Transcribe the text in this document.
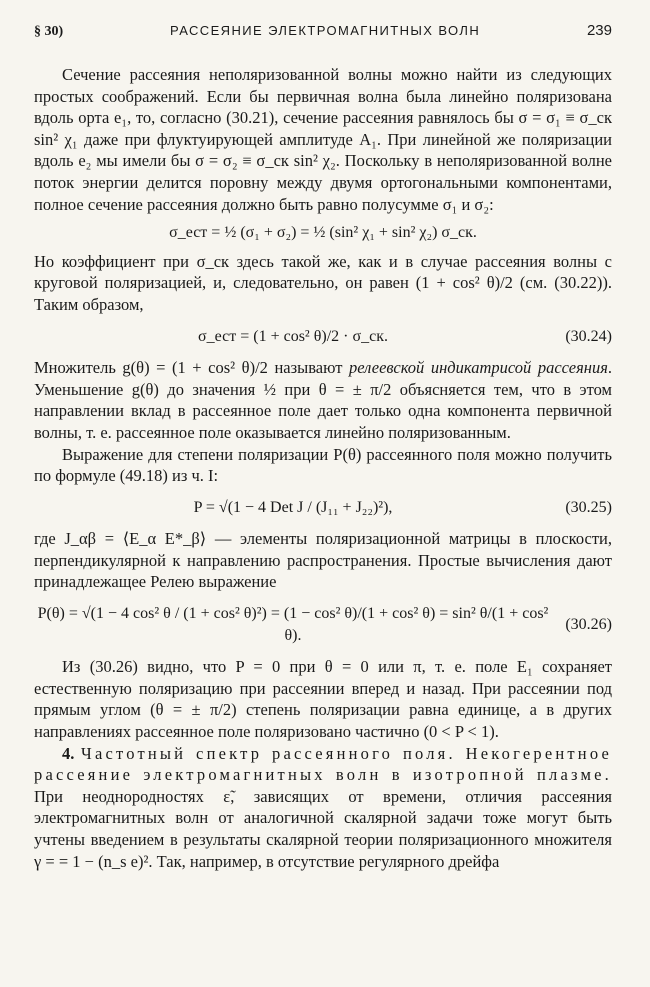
§ 30)	РАССЕЯНИЕ ЭЛЕКТРОМАГНИТНЫХ ВОЛН	239

Сечение рассеяния неполяризованной волны можно найти из следующих простых соображений. Если бы первичная волна была линейно поляризована вдоль орта e₁, то, согласно (30.21), сечение рассеяния равнялось бы σ = σ₁ ≡ σ_ск sin² χ₁ даже при флуктуирующей амплитуде A₁. При линейной же поляризации вдоль e₂ мы имели бы σ = σ₂ ≡ σ_ск sin² χ₂. Поскольку в неполяризованной волне поток энергии делится поровну между двумя ортогональными компонентами, полное сечение рассеяния должно быть равно полусумме σ₁ и σ₂:

σ_ест = ½ (σ₁ + σ₂) = ½ (sin² χ₁ + sin² χ₂) σ_ск.

Но коэффициент при σ_ск здесь такой же, как и в случае рассеяния волны с круговой поляризацией, и, следовательно, он равен (1 + cos² θ)/2 (см. (30.22)). Таким образом,

σ_ест = (1 + cos² θ)/2 · σ_ск.	(30.24)

Множитель g(θ) = (1 + cos² θ)/2 называют релеевской индикатрисой рассеяния. Уменьшение g(θ) до значения ½ при θ = ± π/2 объясняется тем, что в этом направлении вклад в рассеянное поле дает только одна компонента первичной волны, т. е. рассеянное поле оказывается линейно поляризованным.

Выражение для степени поляризации P(θ) рассеянного поля можно получить по формуле (49.18) из ч. I:

P = √(1 − 4 Det J / (J₁₁ + J₂₂)²),	(30.25)

где J_αβ = ⟨E_α E*_β⟩ — элементы поляризационной матрицы в плоскости, перпендикулярной к направлению распространения. Простые вычисления дают принадлежащее Релею выражение

P(θ) = √(1 − 4 cos² θ / (1 + cos² θ)²) = (1 − cos² θ)/(1 + cos² θ) = sin² θ/(1 + cos² θ).
(30.26)

Из (30.26) видно, что P = 0 при θ = 0 или π, т. е. поле E₁ сохраняет естественную поляризацию при рассеянии вперед и назад. При рассеянии под прямым углом (θ = ± π/2) степень поляризации равна единице, а в других направлениях рассеянное поле поляризовано частично (0 < P < 1).

4. Частотный спектр рассеянного поля. Некогерентное рассеяние электромагнитных волн в изотропной плазме. При неоднородностях ε̃, зависящих от времени, отличия рассеяния электромагнитных волн от аналогичной скалярной задачи тоже могут быть учтены введением в результаты скалярной теории поляризационного множителя γ = = 1 − (n_s e)². Так, например, в отсутствие регулярного дрейфа
